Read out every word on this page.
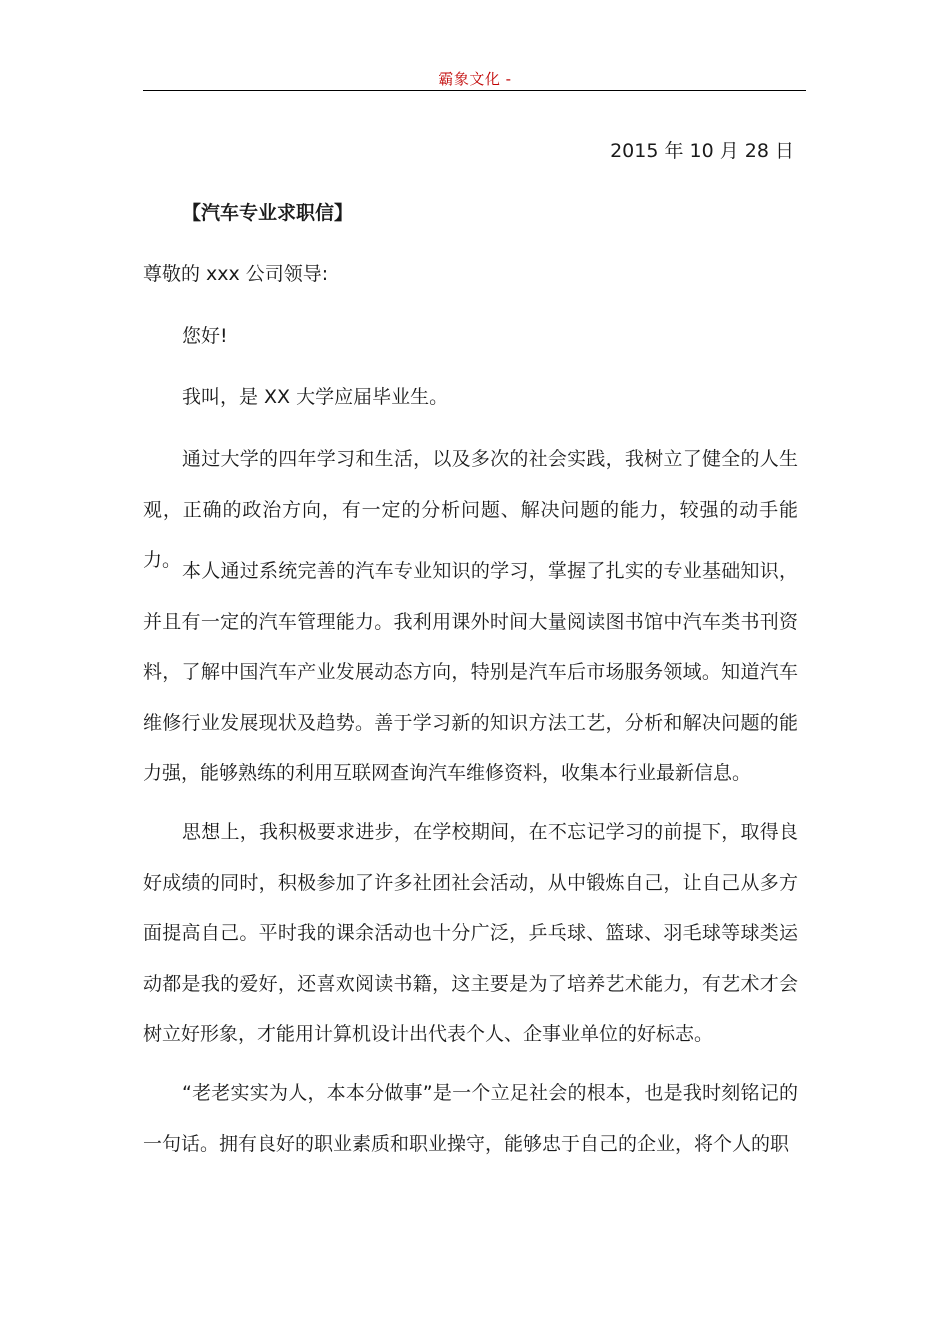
霸象文化 -
2015 年 10 月 28 日
【汽车专业求职信】
尊敬的 xxx 公司领导:
您好!

我叫，是 XX 大学应届毕业生。

通过大学的四年学习和生活，以及多次的社会实践，我树立了健全的人生观，正确的政治方向，有一定的分析问题、解决问题的能力，较强的动手能力。 本人通过系统完善的汽车专业知识的学习，掌握了扎实的专业基础知识，并且有一定的汽车管理能力。我利用课外时间大量阅读图书馆中汽车类书刊资料，了解中国汽车产业发展动态方向，特别是汽车后市场服务领域。知道汽车维修行业发展现状及趋势。善于学习新的知识方法工艺，分析和解决问题的能力强，能够熟练的利用互联网查询汽车维修资料，收集本行业最新信息。

思想上，我积极要求进步，在学校期间，在不忘记学习的前提下，取得良好成绩的同时，积极参加了许多社团社会活动，从中锻炼自己，让自己从多方面提高自己。平时我的课余活动也十分广泛，乒乓球、篮球、羽毛球等球类运动都是我的爱好，还喜欢阅读书籍，这主要是为了培养艺术能力，有艺术才会树立好形象，才能用计算机设计出代表个人、企事业单位的好标志。

“老老实实为人，本本分做事”是一个立足社会的根本，也是我时刻铭记的一句话。拥有良好的职业素质和职业操守，能够忠于自己的企业，将个人的职
